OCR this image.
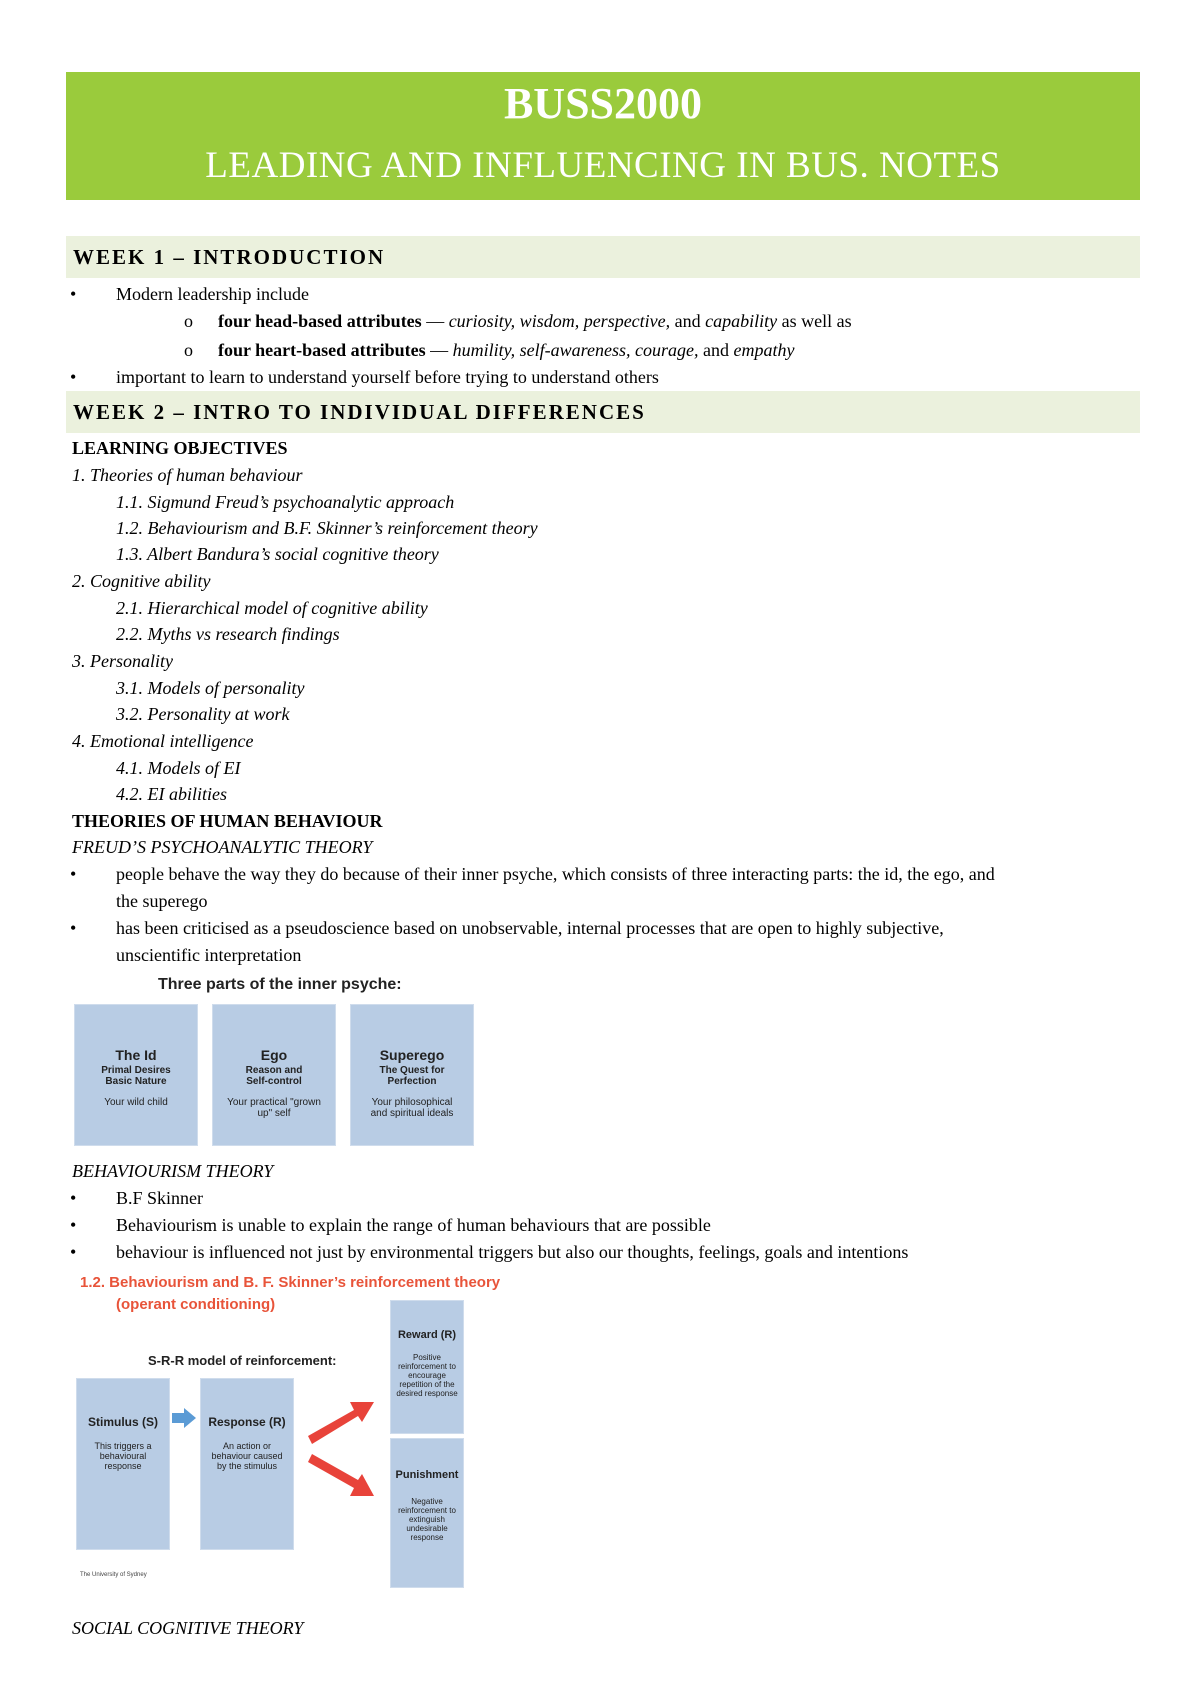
BUSS2000
LEADING AND INFLUENCING IN BUS. NOTES
WEEK 1 – INTRODUCTION
• Modern leadership include
o four head-based attributes — curiosity, wisdom, perspective, and capability as well as
o four heart-based attributes — humility, self-awareness, courage, and empathy
• important to learn to understand yourself before trying to understand others
WEEK 2 – INTRO TO INDIVIDUAL DIFFERENCES
LEARNING OBJECTIVES
1. Theories of human behaviour
1.1. Sigmund Freud’s psychoanalytic approach
1.2. Behaviourism and B.F. Skinner’s reinforcement theory
1.3. Albert Bandura’s social cognitive theory
2. Cognitive ability
2.1. Hierarchical model of cognitive ability
2.2. Myths vs research findings
3. Personality
3.1. Models of personality
3.2. Personality at work
4. Emotional intelligence
4.1. Models of EI
4.2. EI abilities
THEORIES OF HUMAN BEHAVIOUR
FREUD’S PSYCHOANALYTIC THEORY
• people behave the way they do because of their inner psyche, which consists of three interacting parts: the id, the ego, and
the superego
• has been criticised as a pseudoscience based on unobservable, internal processes that are open to highly subjective,
unscientific interpretation
Three parts of the inner psyche:
The Id
Primal Desires
Basic Nature
Your wild child
Ego
Reason and
Self-control
Your practical "grown
up" self
Superego
The Quest for
Perfection
Your philosophical
and spiritual ideals
BEHAVIOURISM THEORY
• B.F Skinner
• Behaviourism is unable to explain the range of human behaviours that are possible
• behaviour is influenced not just by environmental triggers but also our thoughts, feelings, goals and intentions
1.2. Behaviourism and B. F. Skinner’s reinforcement theory
(operant conditioning)
S-R-R model of reinforcement:
Stimulus (S)
This triggers a
behavioural
response
Response (R)
An action or
behaviour caused
by the stimulus
Reward (R)
Positive
reinforcement to
encourage
repetition of the
desired response
Punishment
Negative
reinforcement to
extinguish
undesirable
response
The University of Sydney
SOCIAL COGNITIVE THEORY
